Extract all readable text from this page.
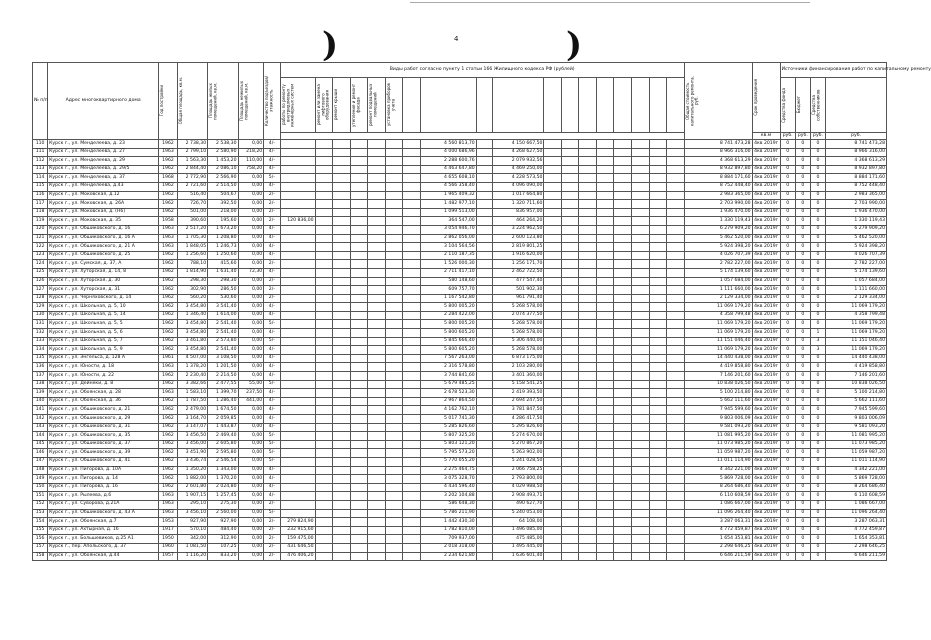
)	4	)
№ п/п	Адрес многоквартирного дома	Год постройки	Общая площадь, кв.м.	Площадь жилых помещений, кв.м.	Площадь нежилых помещений, кв.м.	Количество подъездов/этажность	Виды работ согласно пункту 1 статьи 166 Жилищного кодекса РФ (рублей)																		Общая стоимость капитального ремонта, руб.	Срок проведения	Источники финансирования работ по капитальному ремонту			

							работы по ремонту внутридомовых инженерных систем	ремонт или замена лифтового оборудования	ремонт крыши	утепление и ремонт фасада	ремонт подвальных помещений	установка приборов учета															Средства фонда	Бюджет	Средства собственников	

																										кв.м	руб.	руб.	руб.	руб.
110	Курск г., ул. Менделеева, д. 23	1962	2 738,30	2 538,30	0,00	4/-								4 560 813,70		4 150 667,50									8 741 473,28	4кв 2019г	0	0	0	8 741 473,28
111	Курск г., ул. Менделеева, д. 27	1963	2 799,10	2 580,90	218,20	4/-								4 000 686,96		4 268 627,50									8 966 316,00	4кв 2019г	0	0	0	8 966 316,00
112	Курск г., ул. Менделеева, д. 29	1962	1 563,30	1 453,20	110,00	4/-								2 288 600,76		2 079 932,56									4 368 613,29	4кв 2019г	0	0	0	4 368 613,29
113	Курск г., ул. Менделеева, д. 29/5	1962	2 844,40	2 086,10	758,20	4/-								4 463 647,80		4 469 250,00									8 932 897,80	4кв 2019г	0	0	0	8 932 897,80
114	Курск г., ул. Менделеева, д. 37	1968	2 772,90	2 566,90	0,00	5/-								4 655 608,10		4 228 573,50									8 884 171,60	4кв 2019г	0	0	0	8 884 171,60
115	Курск г., ул. Менделеева, д.43	1962	2 721,60	2 514,50	0,00	4/-								4 566 358,40		4 096 090,00									8 752 448,40	4кв 2019г	0	0	0	8 752 448,40
116	Курск г., ул. Моковская, д.12	1962	516,40	504,67	0,00	2/-								1 965 409,32		1 017 664,80									2 983 365,00	4кв 2019г	0	0	0	2 983 365,00
117	Курск г., ул. Моковская, д. 26А	1962	726,70	392,50	0,00	2/-								1 482 977,10		1 320 711,60									2 703 990,00	4кв 2019г	0	0	0	2 703 990,00
118	Курск г., ул. Моковская, д. (Н6)	1962	501,00	218,00	0,00	2/-								1 099 513,00		836 957,00									1 936 470,00	4кв 2019г	0	0	0	1 936 470,00
119	Курск г., ул. Моковская, д. 35	1958	390,60	195,60	0,00	2/-	120 836,00							364 547,00		464 264,20									1 330 119,43	4кв 2019г	0	0	0	1 330 119,43
120	Курск г., ул. Обшиковского, д. 16	1963	2 517,20	1 673,20	0,00	4/-								3 054 946,70		3 224 962,50									6 279 909,20	4кв 2019г	0	0	0	6 279 909,20
121	Курск г., ул. Обшиковского, д. 16 А	1963	1 705,30	1 208,80	0,00	4/-								2 862 056,00		2 600 123,80									5 462 520,00	4кв 2019г	0	0	0	5 462 520,00
122	Курск г., ул. Обшиковского, д. 21 А	1963	1 848,05	1 246,73	0,00	4/-								3 104 564,56		2 819 801,25									5 924 398,20	4кв 2019г	0	0	0	5 924 398,20
123	Курск г., ул. Обшиковского, д. 25	1962	1 256,60	1 250,60	0,00	4/-								2 110 187,35		1 916 620,00									4 026 707,39	4кв 2019г	0	0	0	4 026 707,39
124	Курск г., ул. Сумская, д. 37, А	1962	788,10	415,60	0,00	2/-								1 526 000,30		1 256 171,70									2 782 227,00	4кв 2019г	0	0	0	2 782 227,00
125	Курск г., ул. Хуторская, д. 14, 8	1962	1 814,90	1 631,40	72,30	4/-								2 711 417,10		2 462 722,50									5 174 139,60	4кв 2019г	0	0	0	5 174 139,60
126	Курск г., ул. Хуторская, д. 30	1962	298,30	298,30	0,00	2/-								580 148,60		477 547,40									1 057 684,00	4кв 2019г	0	0	0	1 057 684,00
127	Курск г., ул. Хуторская, д. 31	1962	302,90	286,50	0,00	2/-								609 757,70		501 902,30									1 111 660,00	4кв 2019г	0	0	0	1 111 660,00
128	Курск г., ул. Черняховского, д. 14	1962	560,20	530,60	0,00	2/-								1 167 542,80		961 791,40									2 129 334,00	4кв 2019г	0	0	0	2 129 334,00
129	Курск г., ул. Школьная, д. 5, 10	1962	3 454,80	3 541,40	0,00	4/-								5 800 005,20		5 268 578,00									11 069 179,20	4кв 2019г	0	0	0	11 069 179,20
130	Курск г., ул. Школьная, д. 5, 14	1962	1 346,40	1 614,00	0,00	4/-								2 284 422,00		2 074 377,50									4 358 799,48	4кв 2019г	0	0	0	4 358 799,48
131	Курск г., ул. Школьная, д. 5, 5	1962	3 454,80	2 541,40	0,00	5/-								5 800 005,20		5 268 578,00									11 069 179,20	4кв 2019г	0	0	0	11 069 179,20
132	Курск г., ул. Школьная, д. 5, 6	1962	3 454,80	2 541,40	0,00	4/-								5 800 605,20		5 268 578,00									11 069 179,20	4кв 2019г	0	0	1	11 069 179,20
133	Курск г., ул. Школьная, д. 5, 7	1962	3 461,80	2 573,80	0,00	5/-								5 845 666,40		5 306 440,00									11 151 046,40	4кв 2019г	0	0	3	11 151 046,40
134	Курск г., ул. Школьная, д. 5, 9	1962	3 454,80	2 541,40	0,00	4/-								5 800 605,20		5 268 578,00									11 069 179,20	4кв 2019г	0	0	3	11 069 179,20
135	Курск г., ул. Энгельса, д. 128 А	1961	4 507,00	3 108,50	0,00	4/-								7 567 263,00		6 873 175,00									14 440 438,00	4кв 2019г	0	0	0	14 440 438,00
136	Курск г., ул. Юности, д. 18	1963	1 378,20	1 201,50	0,00	4/-								2 316 578,80		2 103 280,00									4 419 858,80	4кв 2019г	0	0	0	4 419 858,80
137	Курск г., ул. Юности, д. 22	1962	2 230,40	2 214,50	0,00	4/-								3 744 841,60		3 401 360,00									7 146 201,60	4кв 2019г	0	0	0	7 146 201,60
138	Курск г., ул. Дейнеки, д. 8	1962	3 382,66	2 477,55	55,00	5/-								5 679 485,25		5 158 541,25									10 838 026,50	4кв 2019г	0	0	0	10 838 026,50
139	Курск г., ул. Обоянская, д. 28	1963	1 583,10	1 399,70	237,50	4/-								2 678 523,30		2 419 393,50									5 100 214,80	4кв 2019г	0	0	0	5 100 214,80
140	Курск г., ул. Обоянская, д. 36	1962	1 787,50	1 286,40	441,00	4/-								2 967 864,50		2 694 247,50									5 662 111,60	4кв 2019г	0	0	0	5 662 111,60
141	Курск г., ул. Обшиковского, д. 21	1962	2 479,00	1 674,50	0,00	4/-								4 162 762,10		3 781 847,50									7 945 599,60	4кв 2019г	0	0	0	7 945 599,60
142	Курск г., ул. Обшиковского, д. 29	1962	3 164,70	2 059,85	0,00	4/-								5 017 741,30		4 286 417,50									9 803 006,09	4кв 2019г	0	0	0	9 803 006,09
143	Курск г., ул. Обшиковского, д. 31	1962	3 147,07	1 443,87	0,00	4/-								5 285 826,60		5 295 826,60									9 581 093,20	4кв 2019г	0	0	0	9 581 093,20
144	Курск г., ул. Обшиковского, д. 35	1962	3 456,50	2 469,40	0,00	5/-								5 807 325,20		5 274 670,00									11 081 995,20	4кв 2019г	0	0	0	11 081 995,20
145	Курск г., ул. Обшиковского, д. 37	1962	3 456,00	2 605,80	0,00	5/-								5 803 121,20		5 270 867,20									11 073 985,20	4кв 2019г	0	0	0	11 073 985,20
146	Курск г., ул. Обшиковского, д. 39	1962	3 451,90	2 595,80	0,00	5/-								5 795 573,20		5 263 902,00									11 059 987,20	4кв 2019г	0	0	0	11 059 987,20
147	Курск г., ул. Обшиковского, д. 41	1962	3 436,74	2 546,54	0,00	5/-								5 770 055,20		5 241 028,50									11 011 114,90	4кв 2019г	0	0	0	11 011 114,90
148	Курск г., ул. Пигорова, д. 10А	1962	1 350,20	1 343,00	0,00	4/-								2 275 464,75		2 066 758,25									4 342 221,00	4кв 2019г	0	0	0	4 342 221,00
149	Курск г., ул. Пигорова, д. 14	1962	1 882,00	1 370,20	0,00	4/-								3 075 328,70		2 793 800,00									5 869 728,00	4кв 2019г	0	0	0	5 869 728,00
150	Курск г., ул. Пигорова, д. 16	1962	2 601,80	2 024,80	0,00	4/-								4 434 596,40		4 029 988,50									8 264 686,40	4кв 2019г	0	0	0	8 264 686,40
151	Курск г., ул. Рылеева, д.6	1963	1 907,15	1 257,45	0,00	4/-								3 202 104,88		2 908 493,71									6 110 608,59	4кв 2019г	0	0	0	6 110 608,59
152	Курск г., ул. Суворова, д.21А	1963	295,10	275,30	0,00	2/-								586 648,30		490 627,70									1 086 667,00	4кв 2019г	0	0	0	1 086 667,00
153	Курск г., ул. Обшиковского, д. 43 А	1963	3 456,10	2 560,00	0,00	5/-								5 786 211,90		5 240 053,00									11 096 264,40	4кв 2019г	0	0	0	11 096 264,40
154	Курск г., ул. Обоянская, д.7	1953	927,90	927,90	0,00	2/-	279 824,90							1 442 430,30		64 108,00									3 287 063,31	4кв 2019г	0	0	0	3 287 063,31
155	Курск г., ул. Ахтырная, д. 16	1917	570,10	484,40	0,00	2/-	232 915,60							1 782 810,00		1 496 085,00									4 772 459,87	4кв 2019г	0	0	0	4 772 459,87
156	Курск г., ул. Большевиков, д.25 А1	1950	342,00	312,90	0,00	2/-	159 475,00							709 937,00		475 485,00									1 654 353,81	4кв 2019г	0	0	0	1 654 353,81
157	Курск г., пер. Апольского, д. 37	1960	1 081,50	107,25	0,00	2/-	431 646,50							2 018 318,00		1 495 445,00									2 298 646,25	4кв 2019г	0	0	0	2 298 646,25
158	Курск г., ул. Обоянская, д.44	1957	1 116,20	833,20	0,00	2/-	476 406,20							2 234 621,80		1 636 601,40									6 646 211,59	4кв 2019г	0	0	0	6 646 211,59
